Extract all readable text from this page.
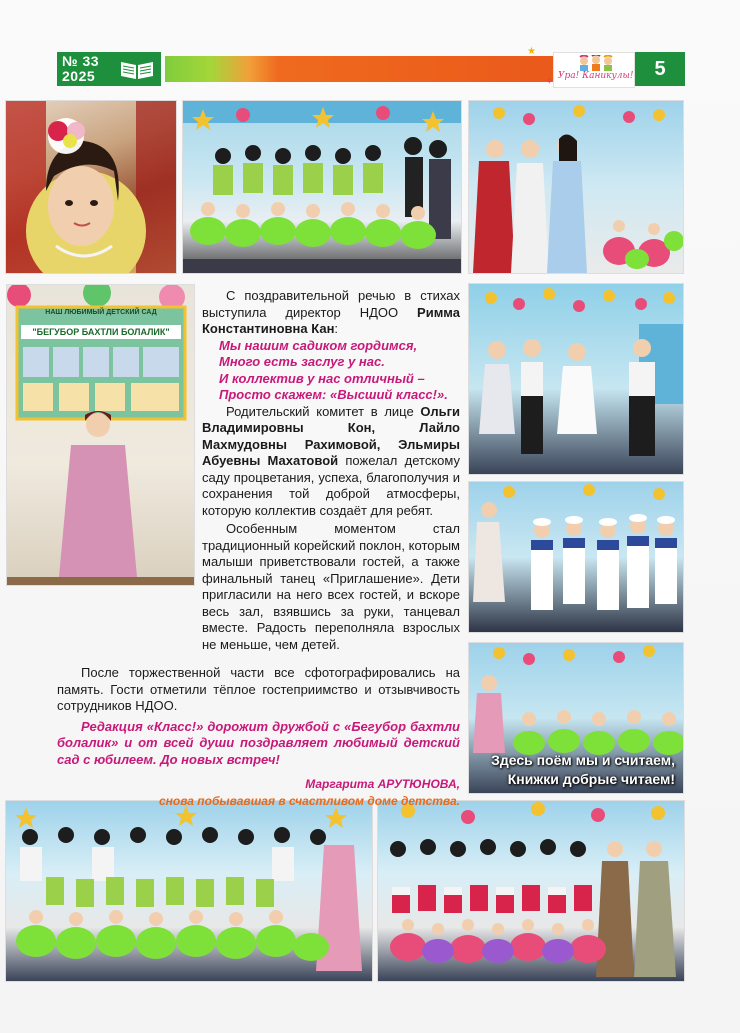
№ 33
2025
★
✦ Ура! Каникулы!	5
НАШ ЛЮБИМЫЙ ДЕТСКИЙ САД
"БЕГУБОР БАХТЛИ БОЛАЛИК"
Здесь поём мы и считаем,
Книжки добрые читаем!

С поздравительной речью в стихах выступила директор НДОО Римма Константиновна Кан:

Мы нашим садиком гордимся,
Много есть заслуг у нас.
И коллектив у нас отличный –
Просто скажем: «Высший класс!».

Родительский комитет в лице Ольги Владимировны Кон, Лайло Махмудовны Рахимовой, Эльмиры Абуевны Махатовой пожелал детскому саду процветания, успеха, благополучия и сохранения той доброй атмосферы, которую коллектив создаёт для ребят.

Особенным моментом стал традиционный корейский поклон, которым малыши приветствовали гостей, а также финальный танец «Приглашение». Дети пригласили на него всех гостей, и вскоре весь зал, взявшись за руки, танцевал вместе. Радость переполняла взрослых не меньше, чем детей.

После торжественной части все сфотографировались на память. Гости отметили тёплое гостеприимство и отзывчивость сотрудников НДОО.

Редакция «Класс!» дорожит дружбой с «Бегубор бахтли болалик» и от всей души поздравляет любимый детский сад с юбилеем. До новых встреч!

Маргарита АРУТЮНОВА,
снова побывавшая в счастливом доме детства.
